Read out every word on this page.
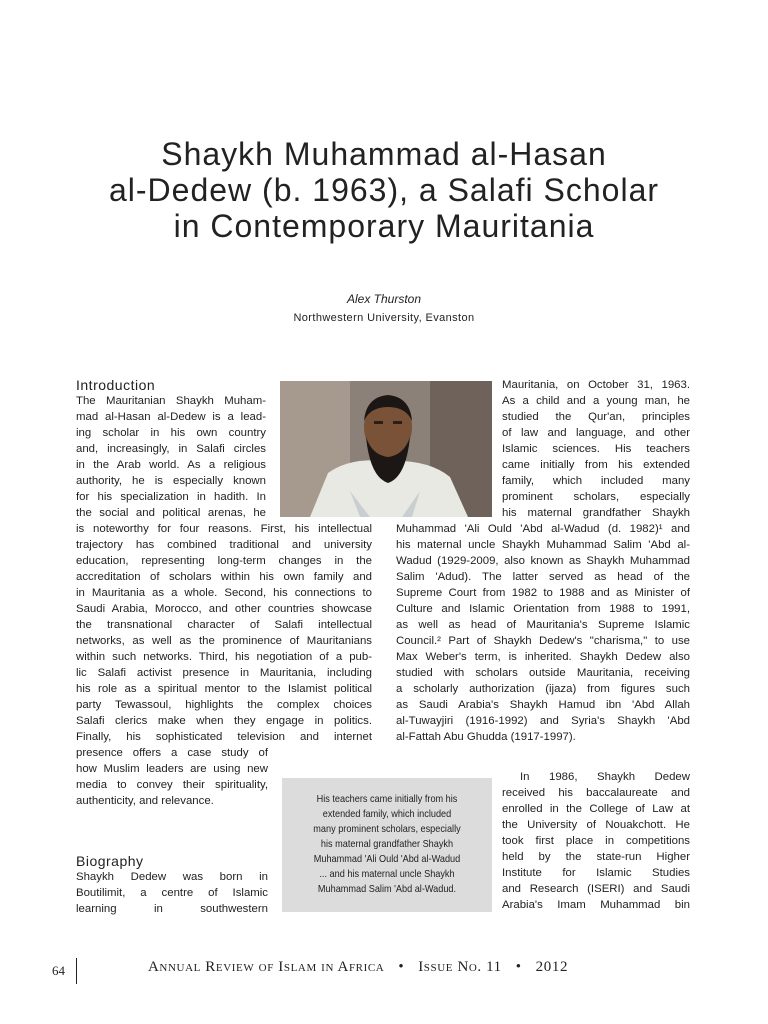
Shaykh Muhammad al-Hasan
al-Dedew (b. 1963), a Salafi Scholar
in Contemporary Mauritania
Alex Thurston
Northwestern University, Evanston
Introduction
The Mauritanian Shaykh Muham-
mad al-Hasan al-Dedew is a lead-
ing scholar in his own country
and, increasingly, in Salafi circles
in the Arab world. As a religious
authority, he is especially known
for his specialization in hadith. In
the social and political arenas, he
is noteworthy for four reasons. First, his intellectual
trajectory has combined traditional and university
education, representing long-term changes in the
accreditation of scholars within his own family and
in Mauritania as a whole. Second, his connections to
Saudi Arabia, Morocco, and other countries showcase
the transnational character of Salafi intellectual
networks, as well as the prominence of Mauritanians
within such networks. Third, his negotiation of a pub-
lic Salafi activist presence in Mauritania, including
his role as a spiritual mentor to the Islamist political
party Tewassoul, highlights the complex choices
Salafi clerics make when they engage in politics.
Finally, his sophisticated television and internet
presence offers a case study of
how Muslim leaders are using new
media to convey their spirituality,
authenticity, and relevance.
Biography
Shaykh Dedew was born in
Boutilimit, a centre of Islamic
learning in southwestern
Mauritania, on October 31, 1963.
As a child and a young man, he
studied the Qur'an, principles
of law and language, and other
Islamic sciences. His teachers
came initially from his extended
family, which included many
prominent scholars, especially
his maternal grandfather Shaykh
Muhammad 'Ali Ould 'Abd al-Wadud (d. 1982)¹ and
his maternal uncle Shaykh Muhammad Salim 'Abd al-
Wadud (1929-2009, also known as Shaykh Muhammad
Salim 'Adud). The latter served as head of the
Supreme Court from 1982 to 1988 and as Minister of
Culture and Islamic Orientation from 1988 to 1991,
as well as head of Mauritania's Supreme Islamic
Council.² Part of Shaykh Dedew's "charisma," to use
Max Weber's term, is inherited. Shaykh Dedew also
studied with scholars outside Mauritania, receiving
a scholarly authorization (ijaza) from figures such
as Saudi Arabia's Shaykh Hamud ibn 'Abd Allah
al-Tuwayjiri (1916-1992) and Syria's Shaykh 'Abd
al-Fattah Abu Ghudda (1917-1997).
In 1986, Shaykh Dedew
received his baccalaureate and
enrolled in the College of Law at
the University of Nouakchott. He
took first place in competitions
held by the state-run Higher
Institute for Islamic Studies
and Research (ISERI) and Saudi
Arabia's Imam Muhammad bin
His teachers came initially from his
extended family, which included
many prominent scholars, especially
his maternal grandfather Shaykh
Muhammad 'Ali Ould 'Abd al-Wadud
... and his maternal uncle Shaykh
Muhammad Salim 'Abd al-Wadud.
64	Annual Review of Islam in Africa • Issue No. 11 • 2012
